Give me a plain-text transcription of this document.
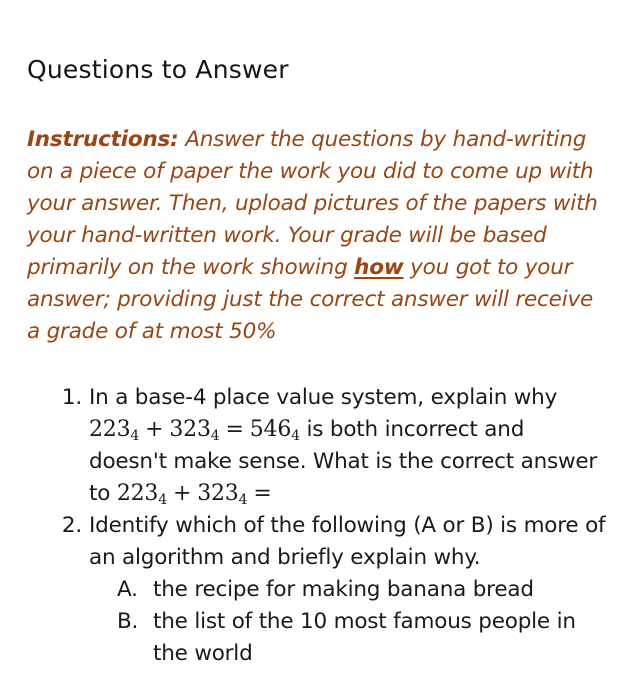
Questions to Answer

Instructions: Answer the questions by hand-writing on a piece of paper the work you did to come up with your answer. Then, upload pictures of the papers with your hand-written work. Your grade will be based primarily on the work showing how you got to your answer; providing just the correct answer will receive a grade of at most 50%

1. In a base-4 place value system, explain why $223_4 + 323_4 = 546_4$ is both incorrect and doesn't make sense. What is the correct answer to $223_4 + 323_4$ =
2. Identify which of the following (A or B) is more of an algorithm and briefly explain why.
A. the recipe for making banana bread
B. the list of the 10 most famous people in the world
